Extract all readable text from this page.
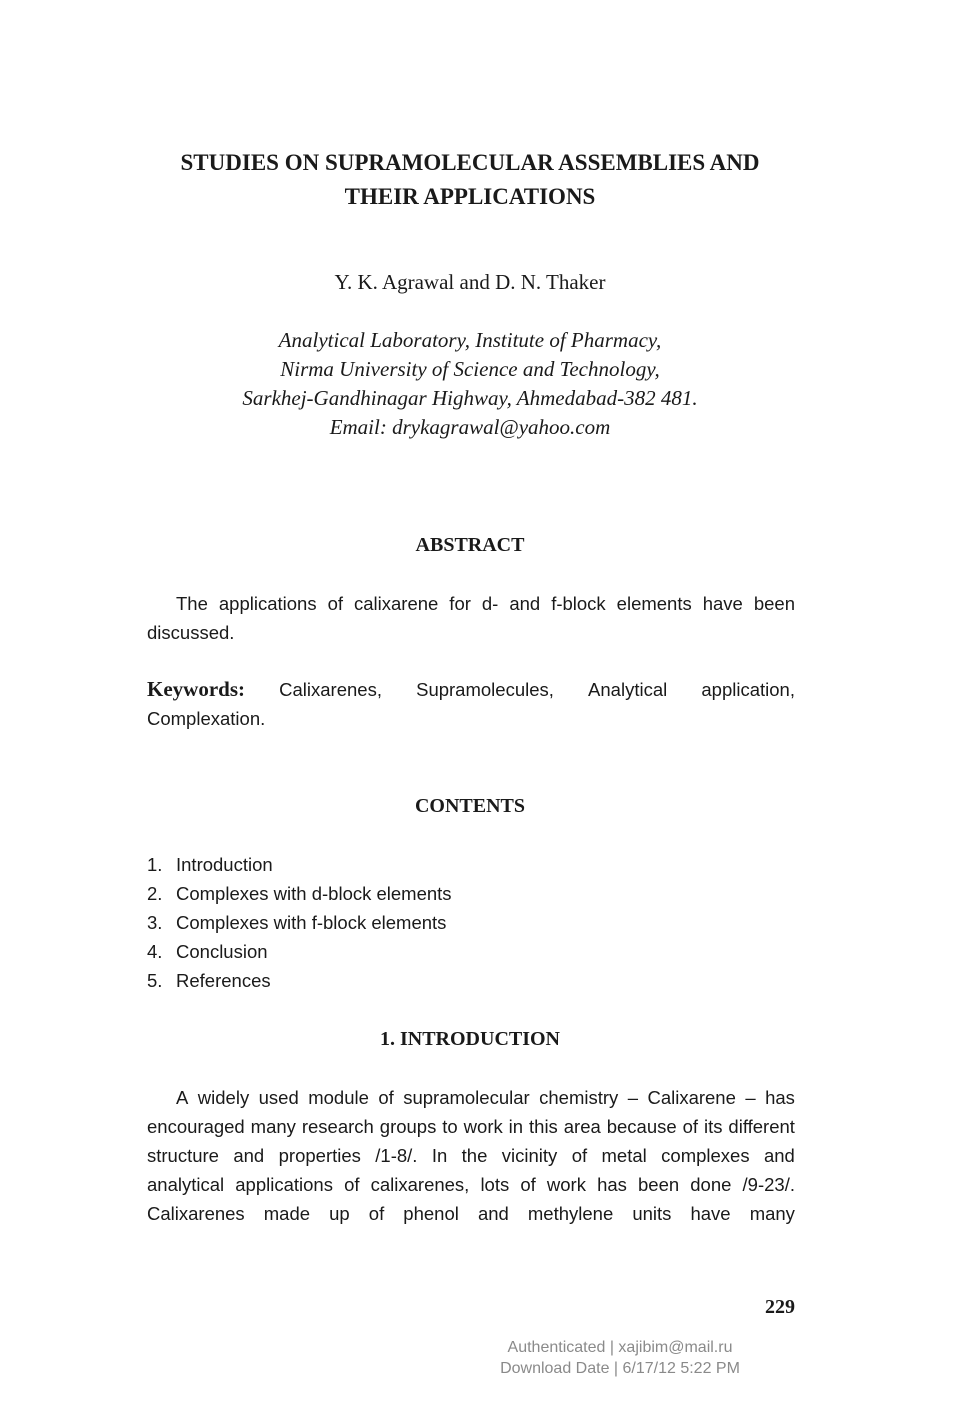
STUDIES ON SUPRAMOLECULAR ASSEMBLIES AND
THEIR APPLICATIONS
Y. K. Agrawal and D. N. Thaker
Analytical Laboratory, Institute of Pharmacy,
Nirma University of Science and Technology,
Sarkhej-Gandhinagar Highway, Ahmedabad-382 481.
Email: drykagrawal@yahoo.com
ABSTRACT

The applications of calixarene for d- and f-block elements have been discussed.

Keywords: Calixarenes, Supramolecules, Analytical application,
Complexation.
CONTENTS
1. Introduction
2. Complexes with d-block elements
3. Complexes with f-block elements
4. Conclusion
5. References
1. INTRODUCTION
A widely used module of supramolecular chemistry – Calixarene – has
encouraged many research groups to work in this area because of its different
structure and properties /1-8/. In the vicinity of metal complexes and
analytical applications of calixarenes, lots of work has been done /9-23/.
Calixarenes made up of phenol and methylene units have many
229
Authenticated | xajibim@mail.ru
Download Date | 6/17/12 5:22 PM
